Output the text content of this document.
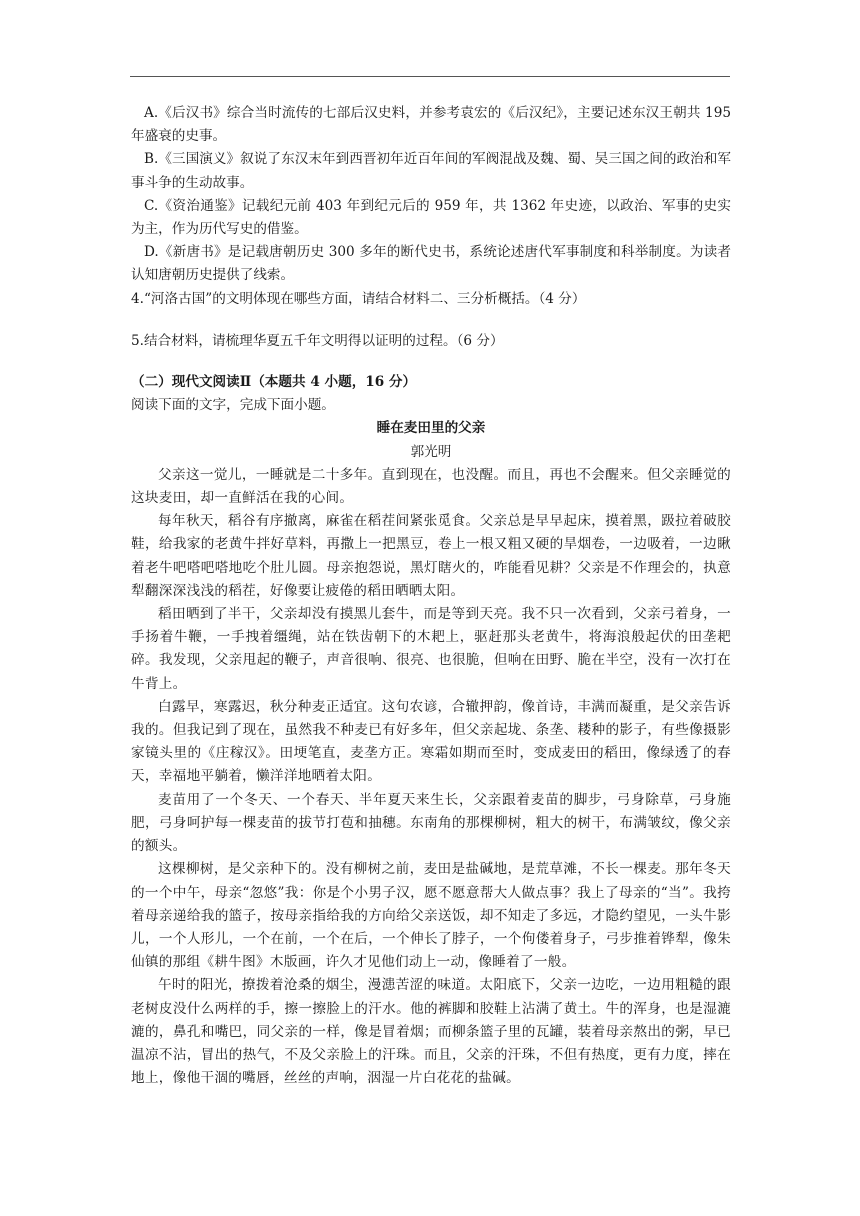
A.《后汉书》综合当时流传的七部后汉史料，并参考袁宏的《后汉纪》，主要记述东汉王朝共 195 年盛衰的史事。

B.《三国演义》叙说了东汉末年到西晋初年近百年间的军阀混战及魏、蜀、吴三国之间的政治和军事斗争的生动故事。

C.《资治通鉴》记载纪元前 403 年到纪元后的 959 年，共 1362 年史迹，以政治、军事的史实为主，作为历代写史的借鉴。

D.《新唐书》是记载唐朝历史 300 多年的断代史书，系统论述唐代军事制度和科举制度。为读者认知唐朝历史提供了线索。

4.“河洛古国”的文明体现在哪些方面，请结合材料二、三分析概括。（4 分）

5.结合材料，请梳理华夏五千年文明得以证明的过程。（6 分）

（二）现代文阅读Ⅱ（本题共 4 小题，16 分）

阅读下面的文字，完成下面小题。

睡在麦田里的父亲

郭光明

父亲这一觉儿，一睡就是二十多年。直到现在，也没醒。而且，再也不会醒来。但父亲睡觉的这块麦田，却一直鲜活在我的心间。

每年秋天，稻谷有序撤离，麻雀在稻茬间紧张觅食。父亲总是早早起床，摸着黑，趿拉着破胶鞋，给我家的老黄牛拌好草料，再撒上一把黑豆，卷上一根又粗又硬的旱烟卷，一边吸着，一边瞅着老牛吧嗒吧嗒地吃个肚儿圆。母亲抱怨说，黑灯瞎火的，咋能看见耕？父亲是不作理会的，执意犁翻深深浅浅的稻茬，好像要让疲倦的稻田晒晒太阳。

稻田晒到了半干，父亲却没有摸黑儿套牛，而是等到天亮。我不只一次看到，父亲弓着身，一手扬着牛鞭，一手拽着缰绳，站在铁齿朝下的木耙上，驱赶那头老黄牛，将海浪般起伏的田垄耙碎。我发现，父亲甩起的鞭子，声音很响、很亮、也很脆，但响在田野、脆在半空，没有一次打在牛背上。

白露早，寒露迟，秋分种麦正适宜。这句农谚，合辙押韵，像首诗，丰满而凝重，是父亲告诉我的。但我记到了现在，虽然我不种麦已有好多年，但父亲起垅、条垄、耧种的影子，有些像摄影家镜头里的《庄稼汉》。田埂笔直，麦垄方正。寒霜如期而至时，变成麦田的稻田，像绿透了的春天，幸福地平躺着，懒洋洋地晒着太阳。

麦苗用了一个冬天、一个春天、半年夏天来生长，父亲跟着麦苗的脚步，弓身除草，弓身施肥，弓身呵护每一棵麦苗的拔节打苞和抽穗。东南角的那棵柳树，粗大的树干，布满皱纹，像父亲的额头。

这棵柳树，是父亲种下的。没有柳树之前，麦田是盐碱地，是荒草滩，不长一棵麦。那年冬天的一个中午，母亲“忽悠”我：你是个小男子汉，愿不愿意帮大人做点事？我上了母亲的“当”。我挎着母亲递给我的篮子，按母亲指给我的方向给父亲送饭，却不知走了多远，才隐约望见，一头牛影儿，一个人形儿，一个在前，一个在后，一个伸长了脖子，一个佝偻着身子，弓步推着铧犁，像朱仙镇的那组《耕牛图》木版画，许久才见他们动上一动，像睡着了一般。

午时的阳光，撩拨着沧桑的烟尘，漫漶苦涩的味道。太阳底下，父亲一边吃，一边用粗糙的跟老树皮没什么两样的手，擦一擦脸上的汗水。他的裤脚和胶鞋上沾满了黄土。牛的浑身，也是湿漉漉的，鼻孔和嘴巴，同父亲的一样，像是冒着烟；而柳条篮子里的瓦罐，装着母亲熬出的粥，早已温凉不沾，冒出的热气，不及父亲脸上的汗珠。而且，父亲的汗珠，不但有热度，更有力度，摔在地上，像他干涸的嘴唇，丝丝的声响，洇湿一片白花花的盐碱。
